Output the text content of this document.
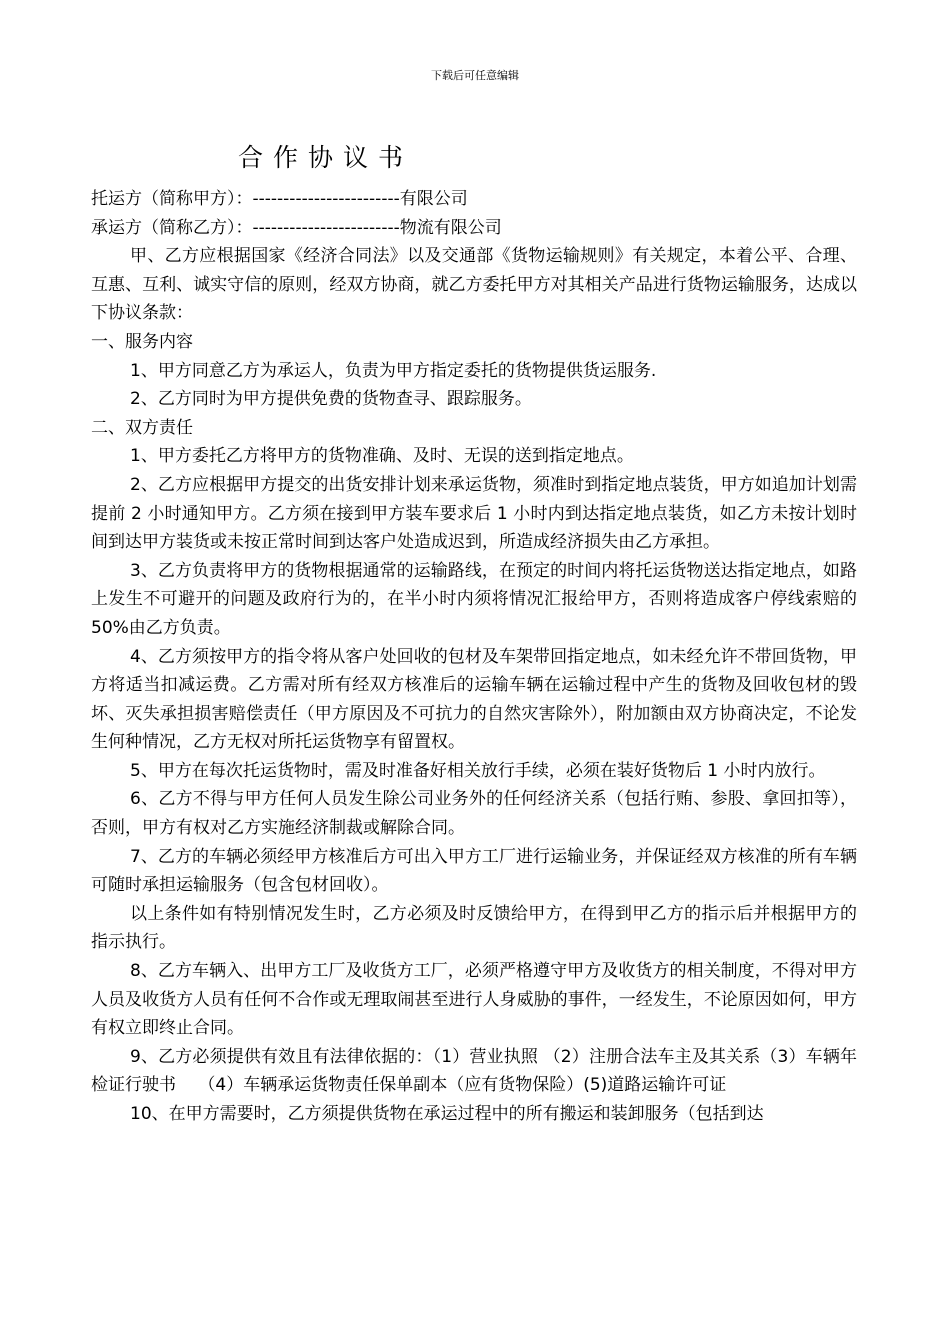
下载后可任意编辑
合作协议书

托运方（简称甲方）：------------------------有限公司

承运方（简称乙方）：------------------------物流有限公司

甲、乙方应根据国家《经济合同法》以及交通部《货物运输规则》有关规定，本着公平、合理、互惠、互利、诚实守信的原则，经双方协商，就乙方委托甲方对其相关产品进行货物运输服务，达成以下协议条款：

一、服务内容

1、甲方同意乙方为承运人，负责为甲方指定委托的货物提供货运服务.

2、乙方同时为甲方提供免费的货物查寻、跟踪服务。

二、双方责任

1、甲方委托乙方将甲方的货物准确、及时、无误的送到指定地点。

2、乙方应根据甲方提交的出货安排计划来承运货物，须准时到指定地点装货，甲方如追加计划需提前 2 小时通知甲方。乙方须在接到甲方装车要求后 1 小时内到达指定地点装货，如乙方未按计划时间到达甲方装货或未按正常时间到达客户处造成迟到，所造成经济损失由乙方承担。

3、乙方负责将甲方的货物根据通常的运输路线，在预定的时间内将托运货物送达指定地点，如路上发生不可避开的问题及政府行为的，在半小时内须将情况汇报给甲方，否则将造成客户停线索赔的 50%由乙方负责。

4、乙方须按甲方的指令将从客户处回收的包材及车架带回指定地点，如未经允许不带回货物，甲方将适当扣减运费。乙方需对所有经双方核准后的运输车辆在运输过程中产生的货物及回收包材的毁坏、灭失承担损害赔偿责任（甲方原因及不可抗力的自然灾害除外），附加额由双方协商决定，不论发生何种情况，乙方无权对所托运货物享有留置权。

5、甲方在每次托运货物时，需及时准备好相关放行手续，必须在装好货物后 1 小时内放行。

6、乙方不得与甲方任何人员发生除公司业务外的任何经济关系（包括行贿、参股、拿回扣等），否则，甲方有权对乙方实施经济制裁或解除合同。

7、乙方的车辆必须经甲方核准后方可出入甲方工厂进行运输业务，并保证经双方核准的所有车辆可随时承担运输服务（包含包材回收）。

以上条件如有特别情况发生时，乙方必须及时反馈给甲方，在得到甲乙方的指示后并根据甲方的指示执行。

8、乙方车辆入、出甲方工厂及收货方工厂，必须严格遵守甲方及收货方的相关制度，不得对甲方人员及收货方人员有任何不合作或无理取闹甚至进行人身威胁的事件，一经发生，不论原因如何，甲方有权立即终止合同。

9、乙方必须提供有效且有法律依据的：（1）营业执照 （2）注册合法车主及其关系（3）车辆年检证行驶书　 （4）车辆承运货物责任保单副本（应有货物保险）(5)道路运输许可证

10、在甲方需要时，乙方须提供货物在承运过程中的所有搬运和装卸服务（包括到达
